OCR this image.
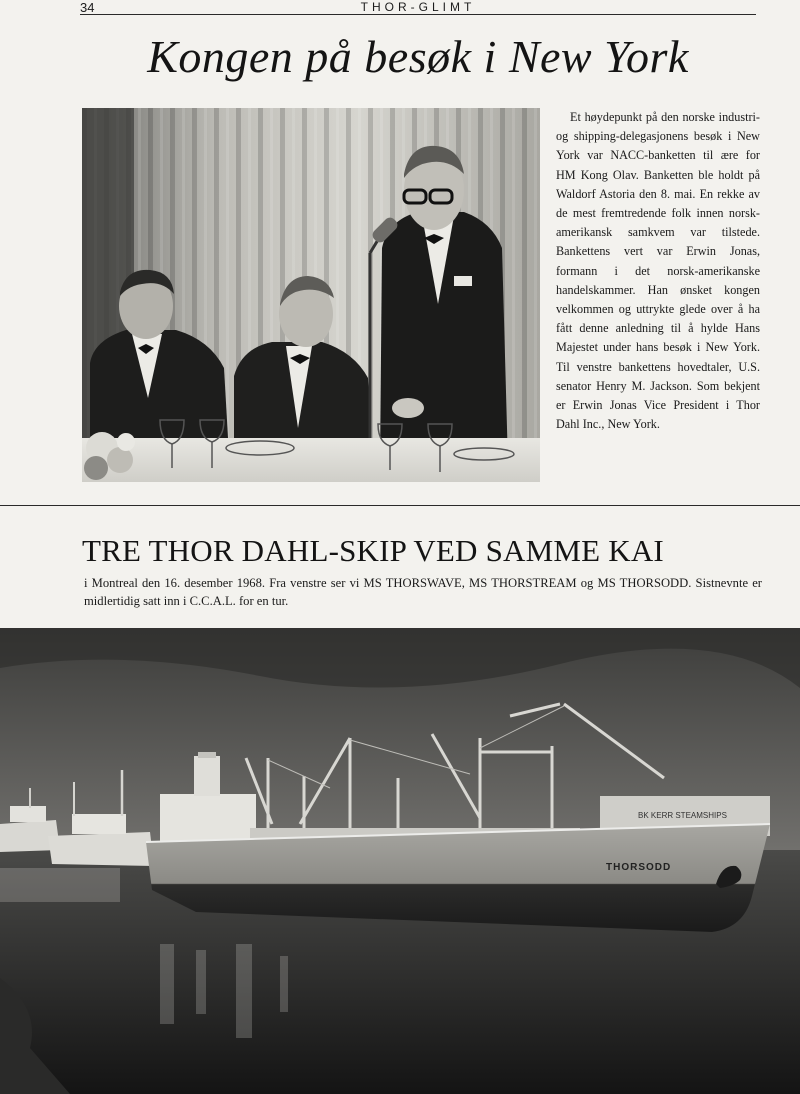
34	THOR-GLIMT
Kongen på besøk i New York

Et høydepunkt på den norske industri- og shipping-delegasjonens besøk i New York var NACC-banketten til ære for HM Kong Olav. Banketten ble holdt på Waldorf Astoria den 8. mai. En rekke av de mest fremtredende folk innen norsk-amerikansk samkvem var tilstede. Bankettens vert var Erwin Jonas, formann i det norsk-amerikanske handelskammer. Han ønsket kongen velkommen og uttrykte glede over å ha fått denne anledning til å hylde Hans Majestet under hans besøk i New York. Til venstre bankettens hovedtaler, U.S. senator Henry M. Jackson. Som bekjent er Erwin Jonas Vice President i Thor Dahl Inc., New York.

TRE THOR DAHL-SKIP VED SAMME KAI

i Montreal den 16. desember 1968. Fra venstre ser vi MS THORSWAVE, MS THORSTREAM og MS THORSODD. Sistnevnte er midlertidig satt inn i C.C.A.L. for en tur.

BK KERR STEAMSHIPS
THORSODD
